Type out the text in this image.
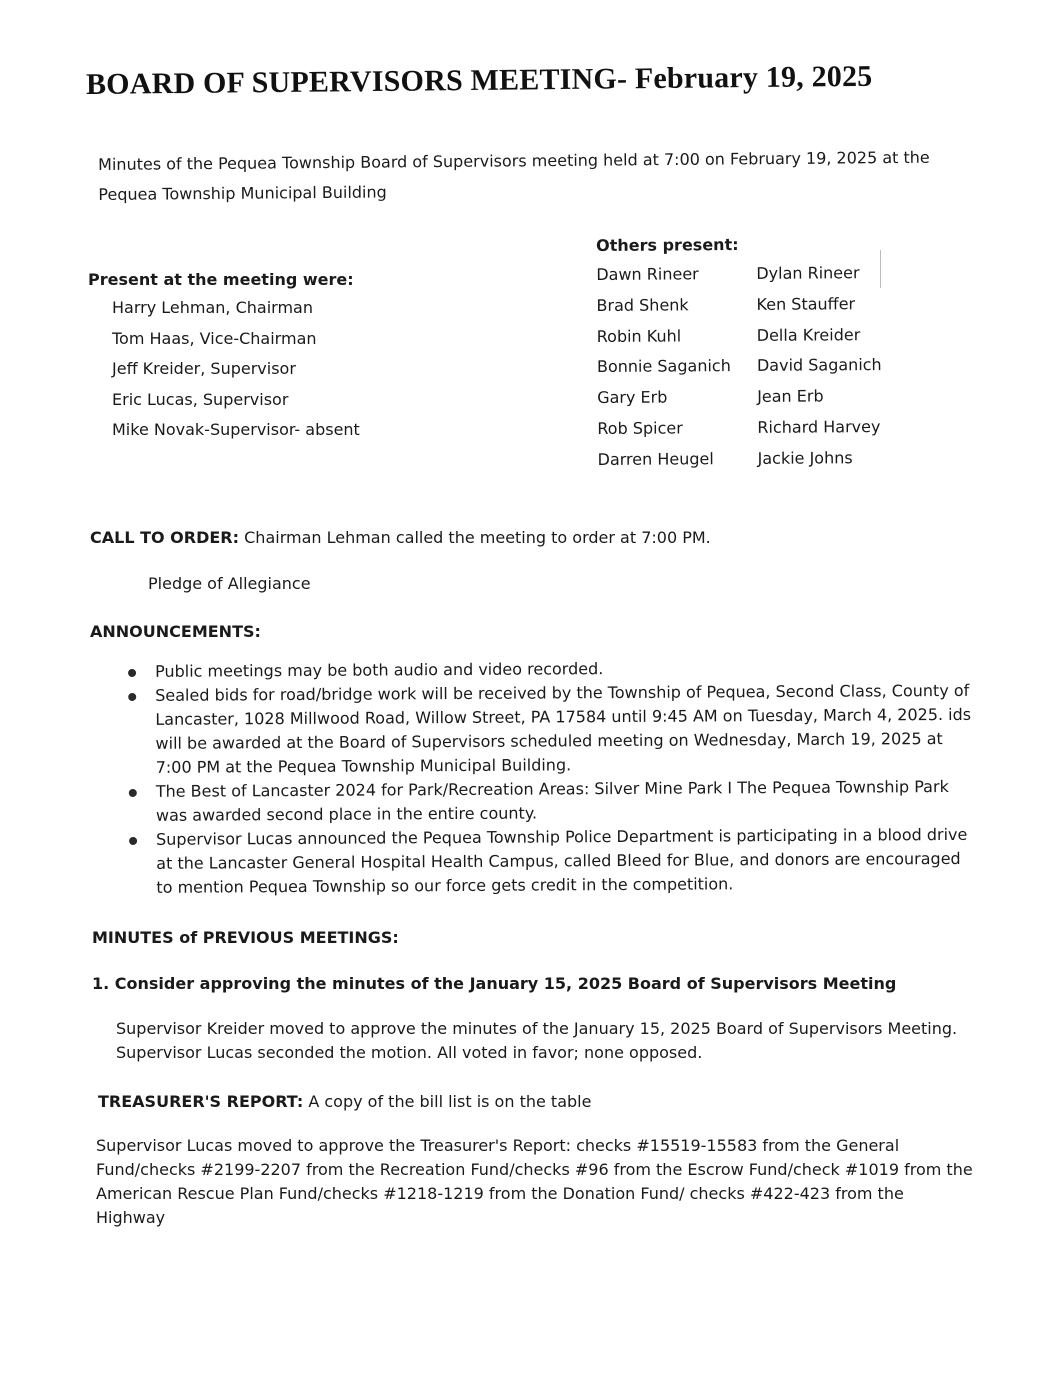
BOARD OF SUPERVISORS MEETING- February 19, 2025
Minutes of the Pequea Township Board of Supervisors meeting held at 7:00 on February 19, 2025 at the Pequea Township Municipal Building
Present at the meeting were:
Harry Lehman, Chairman
Tom Haas, Vice-Chairman
Jeff Kreider, Supervisor
Eric Lucas, Supervisor
Mike Novak-Supervisor- absent
Others present:
Dawn Rineer	Dylan Rineer
Brad Shenk	Ken Stauffer
Robin Kuhl	Della Kreider
Bonnie Saganich	David Saganich
Gary Erb	Jean Erb
Rob Spicer	Richard Harvey
Darren Heugel	Jackie Johns
CALL TO ORDER: Chairman Lehman called the meeting to order at 7:00 PM.
Pledge of Allegiance
ANNOUNCEMENTS:
Public meetings may be both audio and video recorded.
Sealed bids for road/bridge work will be received by the Township of Pequea, Second Class, County of Lancaster, 1028 Millwood Road, Willow Street, PA 17584 until 9:45 AM on Tuesday, March 4, 2025. ids will be awarded at the Board of Supervisors scheduled meeting on Wednesday, March 19, 2025 at 7:00 PM at the Pequea Township Municipal Building.
The Best of Lancaster 2024 for Park/Recreation Areas: Silver Mine Park I The Pequea Township Park was awarded second place in the entire county.
Supervisor Lucas announced the Pequea Township Police Department is participating in a blood drive at the Lancaster General Hospital Health Campus, called Bleed for Blue, and donors are encouraged to mention Pequea Township so our force gets credit in the competition.
MINUTES of PREVIOUS MEETINGS:
1. Consider approving the minutes of the January 15, 2025 Board of Supervisors Meeting
Supervisor Kreider moved to approve the minutes of the January 15, 2025 Board of Supervisors Meeting. Supervisor Lucas seconded the motion. All voted in favor; none opposed.
TREASURER'S REPORT: A copy of the bill list is on the table
Supervisor Lucas moved to approve the Treasurer's Report: checks #15519-15583 from the General Fund/checks #2199-2207 from the Recreation Fund/checks #96 from the Escrow Fund/check #1019 from the American Rescue Plan Fund/checks #1218-1219 from the Donation Fund/ checks #422-423 from the Highway
